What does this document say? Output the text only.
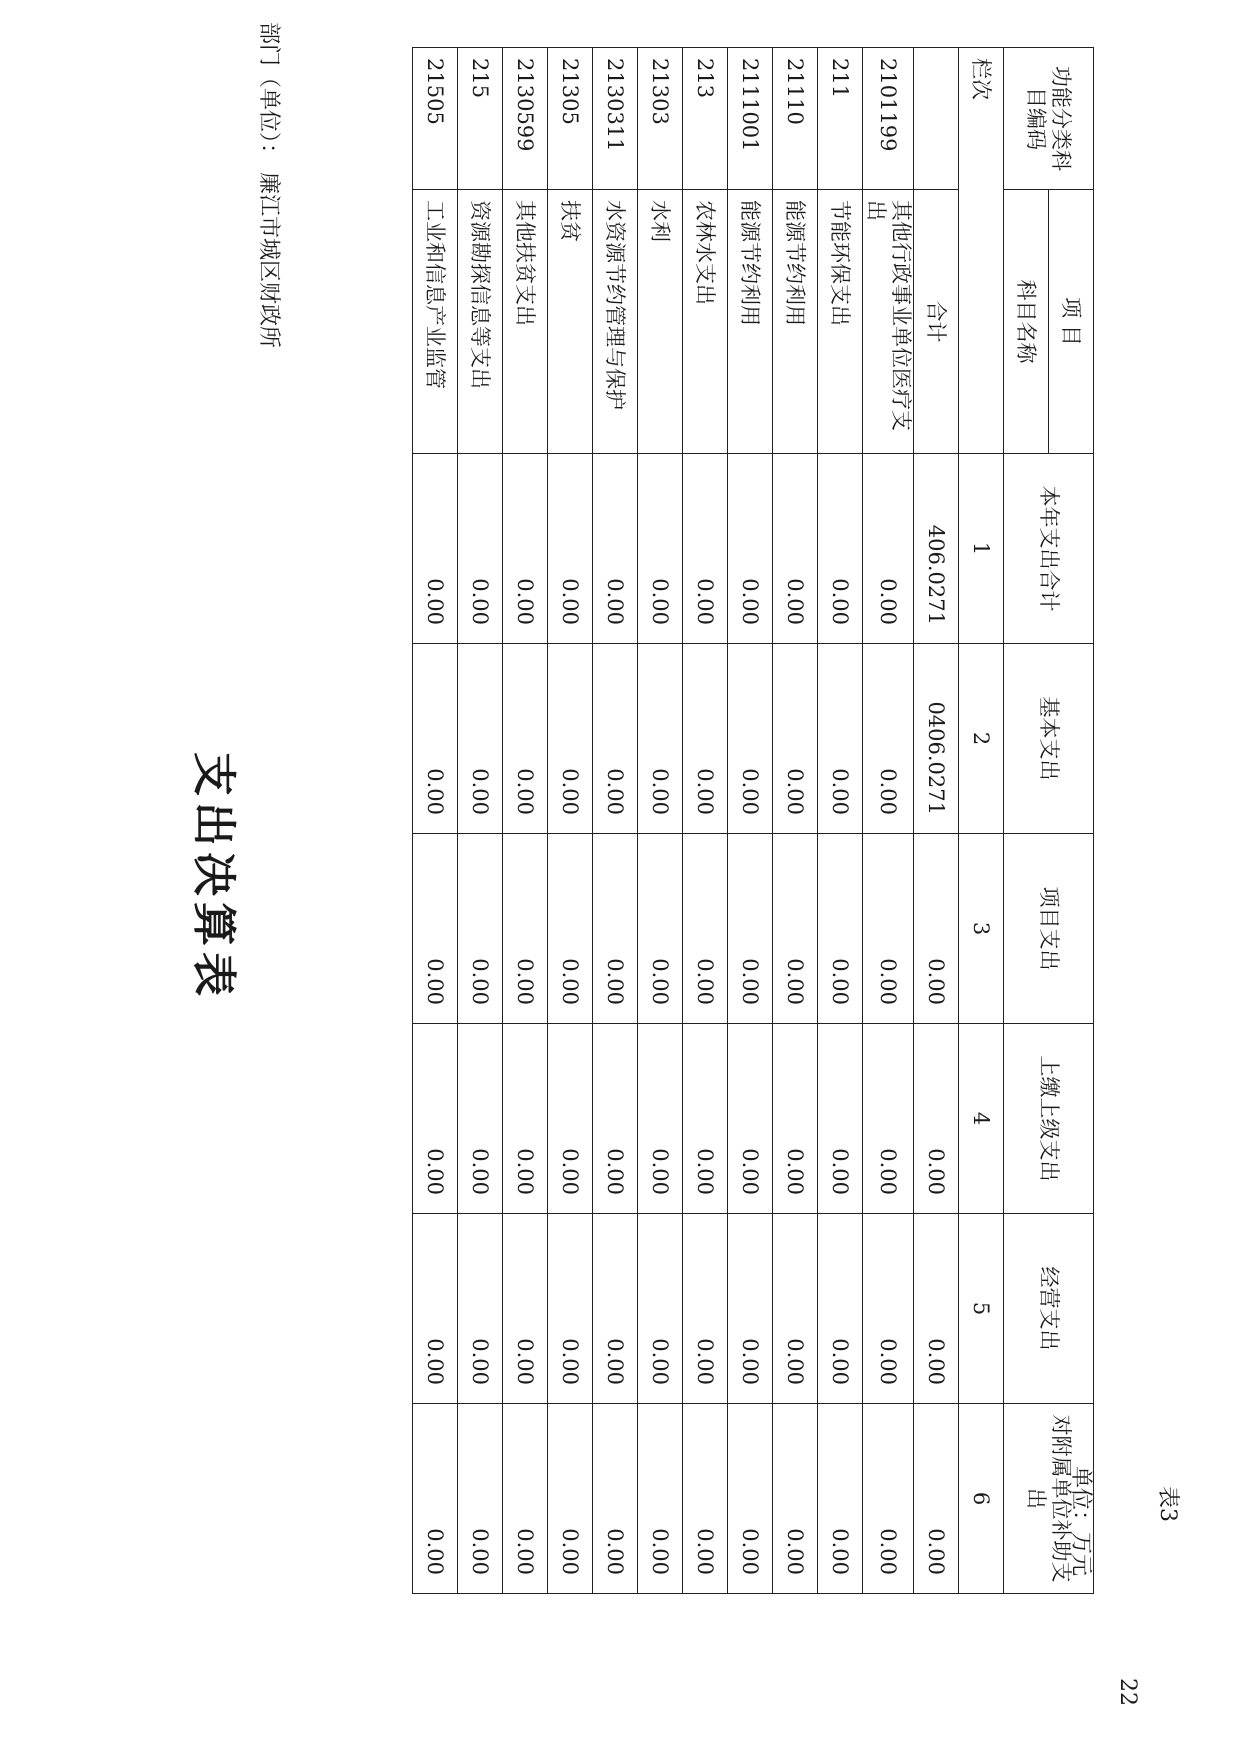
表3
22
支出决算表
单位：万元
部门（单位）： 廉江市城区财政所	功能分类科目编码	项 目	本年支出合计	基本支出	项目支出	上缴上级支出	经营支出	对附属单位补助支出
	科目名称						
栏次		1	2	3	4	5	6
	合计	406.0271	0406.0271	0.00	0.00	0.00	0.00
2101199	其他行政事业单位医疗支出	0.00	0.00	0.00	0.00	0.00	0.00
211	节能环保支出	0.00	0.00	0.00	0.00	0.00	0.00
21110	能源节约利用	0.00	0.00	0.00	0.00	0.00	0.00
2111001	能源节约利用	0.00	0.00	0.00	0.00	0.00	0.00
213	农林水支出	0.00	0.00	0.00	0.00	0.00	0.00
21303	水利	0.00	0.00	0.00	0.00	0.00	0.00
2130311	水资源节约管理与保护	0.00	0.00	0.00	0.00	0.00	0.00
21305	扶贫	0.00	0.00	0.00	0.00	0.00	0.00
2130599	其他扶贫支出	0.00	0.00	0.00	0.00	0.00	0.00
215	资源勘探信息等支出	0.00	0.00	0.00	0.00	0.00	0.00
21505	工业和信息产业监管	0.00	0.00	0.00	0.00	0.00	0.00
